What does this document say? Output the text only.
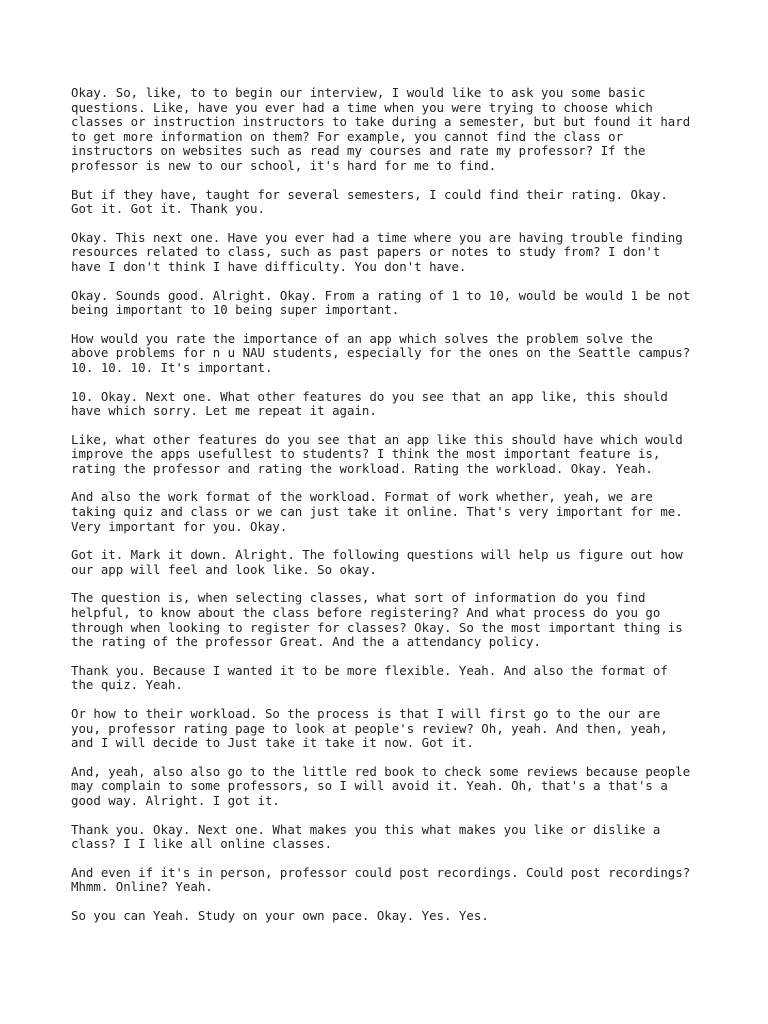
Okay. So, like, to to begin our interview, I would like to ask you some basic
questions. Like, have you ever had a time when you were trying to choose which
classes or instruction instructors to take during a semester, but but found it hard
to get more information on them? For example, you cannot find the class or
instructors on websites such as read my courses and rate my professor? If the
professor is new to our school, it's hard for me to find.

But if they have, taught for several semesters, I could find their rating. Okay.
Got it. Got it. Thank you.

Okay. This next one. Have you ever had a time where you are having trouble finding
resources related to class, such as past papers or notes to study from? I don't
have I don't think I have difficulty. You don't have.

Okay. Sounds good. Alright. Okay. From a rating of 1 to 10, would be would 1 be not
being important to 10 being super important.

How would you rate the importance of an app which solves the problem solve the
above problems for n u NAU students, especially for the ones on the Seattle campus?
10. 10. 10. It's important.

10. Okay. Next one. What other features do you see that an app like, this should
have which sorry. Let me repeat it again.

Like, what other features do you see that an app like this should have which would
improve the apps usefullest to students? I think the most important feature is,
rating the professor and rating the workload. Rating the workload. Okay. Yeah.

And also the work format of the workload. Format of work whether, yeah, we are
taking quiz and class or we can just take it online. That's very important for me.
Very important for you. Okay.

Got it. Mark it down. Alright. The following questions will help us figure out how
our app will feel and look like. So okay.

The question is, when selecting classes, what sort of information do you find
helpful, to know about the class before registering? And what process do you go
through when looking to register for classes? Okay. So the most important thing is
the rating of the professor Great. And the a attendancy policy.

Thank you. Because I wanted it to be more flexible. Yeah. And also the format of
the quiz. Yeah.

Or how to their workload. So the process is that I will first go to the our are
you, professor rating page to look at people's review? Oh, yeah. And then, yeah,
and I will decide to Just take it take it now. Got it.

And, yeah, also also go to the little red book to check some reviews because people
may complain to some professors, so I will avoid it. Yeah. Oh, that's a that's a
good way. Alright. I got it.

Thank you. Okay. Next one. What makes you this what makes you like or dislike a
class? I I like all online classes.

And even if it's in person, professor could post recordings. Could post recordings?
Mhmm. Online? Yeah.

So you can Yeah. Study on your own pace. Okay. Yes. Yes.
